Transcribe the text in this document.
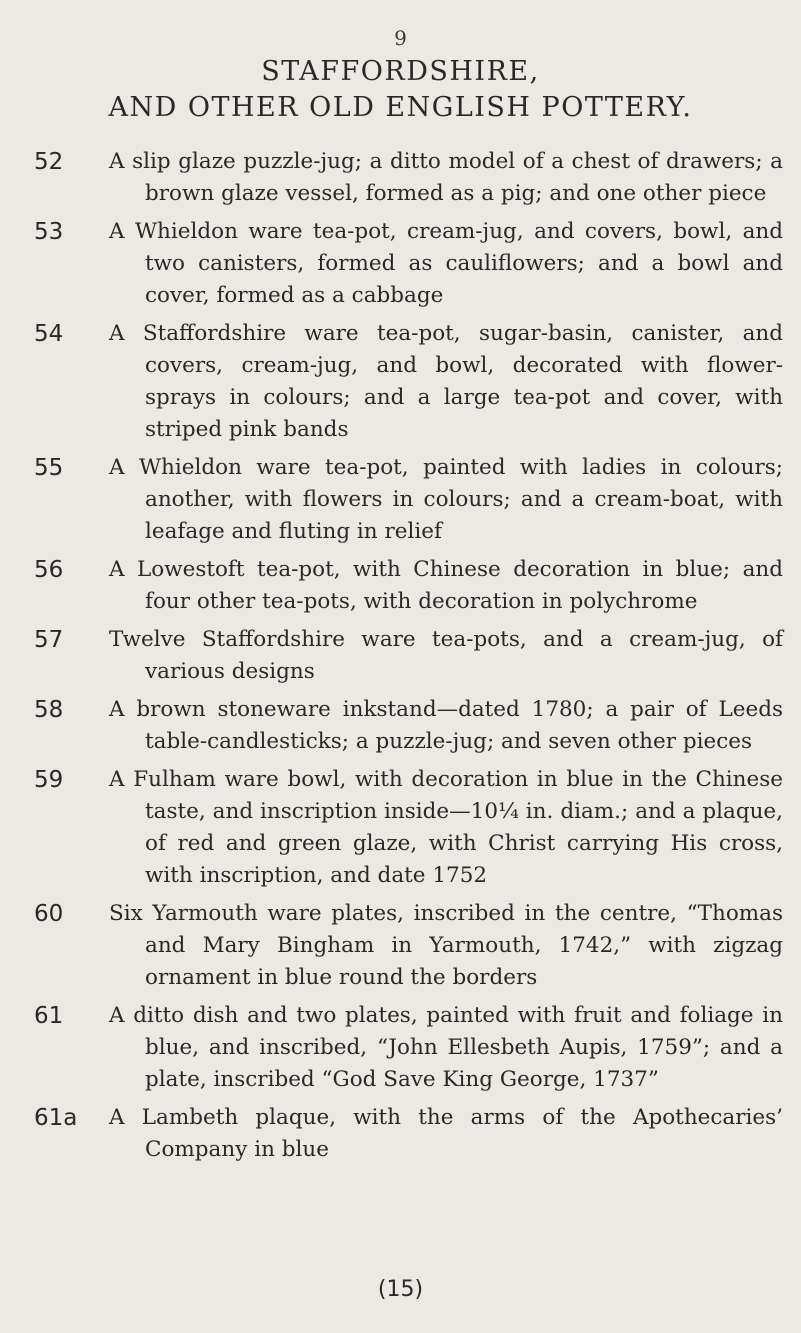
9
STAFFORDSHIRE,
AND OTHER OLD ENGLISH POTTERY.
52 A slip glaze puzzle-jug; a ditto model of a chest of drawers; a brown glaze vessel, formed as a pig; and one other piece
53 A Whieldon ware tea-pot, cream-jug, and covers, bowl, and two canisters, formed as cauliflowers; and a bowl and cover, formed as a cabbage
54 A Staffordshire ware tea-pot, sugar-basin, canister, and covers, cream-jug, and bowl, decorated with flower-sprays in colours; and a large tea-pot and cover, with striped pink bands
55 A Whieldon ware tea-pot, painted with ladies in colours; another, with flowers in colours; and a cream-boat, with leafage and fluting in relief
56 A Lowestoft tea-pot, with Chinese decoration in blue; and four other tea-pots, with decoration in polychrome
57 Twelve Staffordshire ware tea-pots, and a cream-jug, of various designs
58 A brown stoneware inkstand—dated 1780; a pair of Leeds table-candlesticks; a puzzle-jug; and seven other pieces
59 A Fulham ware bowl, with decoration in blue in the Chinese taste, and inscription inside—10¼ in. diam.; and a plaque, of red and green glaze, with Christ carrying His cross, with inscription, and date 1752
60 Six Yarmouth ware plates, inscribed in the centre, “Thomas and Mary Bingham in Yarmouth, 1742,” with zigzag ornament in blue round the borders
61 A ditto dish and two plates, painted with fruit and foliage in blue, and inscribed, “John Ellesbeth Aupis, 1759”; and a plate, inscribed “God Save King George, 1737”
61a A Lambeth plaque, with the arms of the Apothecaries’ Company in blue
(15)
